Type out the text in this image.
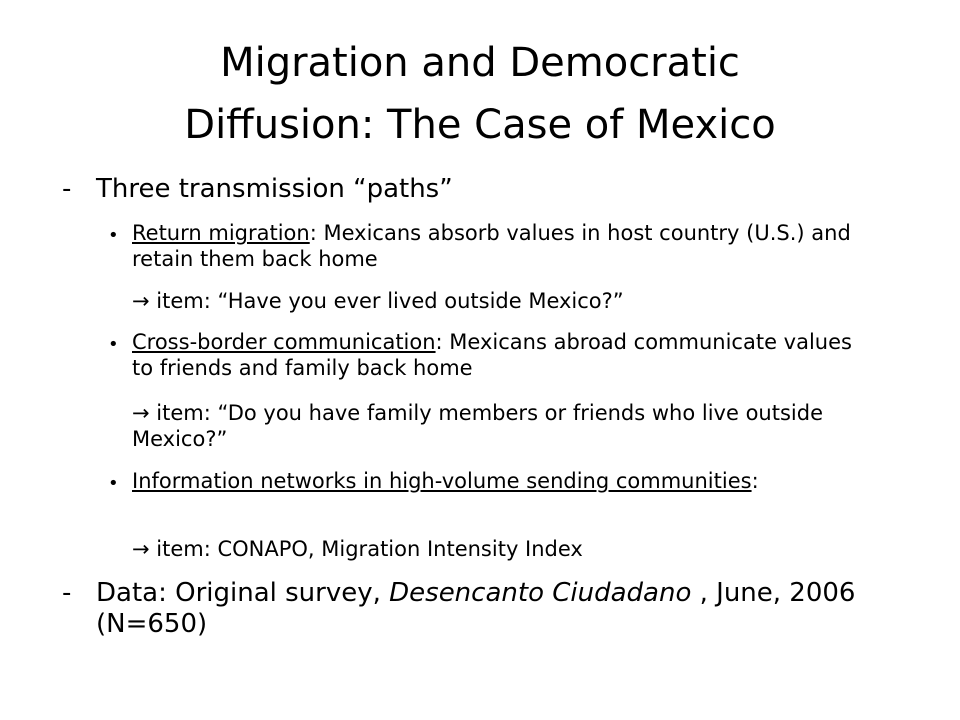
Migration and Democratic
Diffusion: The Case of Mexico
- Three transmission “paths”
• Return migration: Mexicans absorb values in host country (U.S.) and retain them back home
→ item: “Have you ever lived outside Mexico?”
• Cross-border communication: Mexicans abroad communicate values to friends and family back home
→ item: “Do you have family members or friends who live outside Mexico?”
• Information networks in high-volume sending communities:
→ item: CONAPO, Migration Intensity Index
- Data: Original survey, Desencanto Ciudadano , June, 2006 (N=650)
